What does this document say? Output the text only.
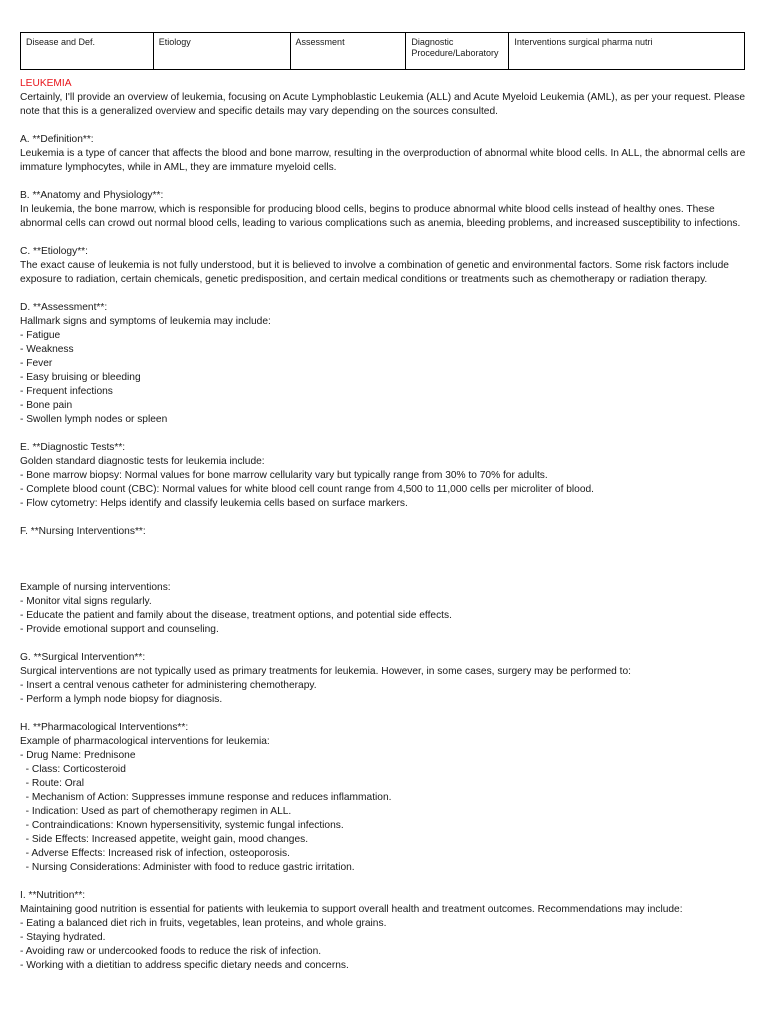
Disease and Def.	Etiology	Assessment	Diagnostic Procedure/Laboratory	Interventions surgical pharma nutri

LEUKEMIA

Certainly, I'll provide an overview of leukemia, focusing on Acute Lymphoblastic Leukemia (ALL) and Acute Myeloid Leukemia (AML), as per your request. Please note that this is a generalized overview and specific details may vary depending on the sources consulted.

A. **Definition**:

Leukemia is a type of cancer that affects the blood and bone marrow, resulting in the overproduction of abnormal white blood cells. In ALL, the abnormal cells are immature lymphocytes, while in AML, they are immature myeloid cells.

B. **Anatomy and Physiology**:

In leukemia, the bone marrow, which is responsible for producing blood cells, begins to produce abnormal white blood cells instead of healthy ones. These abnormal cells can crowd out normal blood cells, leading to various complications such as anemia, bleeding problems, and increased susceptibility to infections.

C. **Etiology**:

The exact cause of leukemia is not fully understood, but it is believed to involve a combination of genetic and environmental factors. Some risk factors include exposure to radiation, certain chemicals, genetic predisposition, and certain medical conditions or treatments such as chemotherapy or radiation therapy.

D. **Assessment**:

Hallmark signs and symptoms of leukemia may include:

- Fatigue

- Weakness

- Fever

- Easy bruising or bleeding

- Frequent infections

- Bone pain

- Swollen lymph nodes or spleen

E. **Diagnostic Tests**:

Golden standard diagnostic tests for leukemia include:

- Bone marrow biopsy: Normal values for bone marrow cellularity vary but typically range from 30% to 70% for adults.

- Complete blood count (CBC): Normal values for white blood cell count range from 4,500 to 11,000 cells per microliter of blood.

- Flow cytometry: Helps identify and classify leukemia cells based on surface markers.

F. **Nursing Interventions**:

Example of nursing interventions:

- Monitor vital signs regularly.

- Educate the patient and family about the disease, treatment options, and potential side effects.

- Provide emotional support and counseling.

G. **Surgical Intervention**:

Surgical interventions are not typically used as primary treatments for leukemia. However, in some cases, surgery may be performed to:

- Insert a central venous catheter for administering chemotherapy.

- Perform a lymph node biopsy for diagnosis.

H. **Pharmacological Interventions**:

Example of pharmacological interventions for leukemia:

- Drug Name: Prednisone

- Class: Corticosteroid

- Route: Oral

- Mechanism of Action: Suppresses immune response and reduces inflammation.

- Indication: Used as part of chemotherapy regimen in ALL.

- Contraindications: Known hypersensitivity, systemic fungal infections.

- Side Effects: Increased appetite, weight gain, mood changes.

- Adverse Effects: Increased risk of infection, osteoporosis.

- Nursing Considerations: Administer with food to reduce gastric irritation.

I. **Nutrition**:

Maintaining good nutrition is essential for patients with leukemia to support overall health and treatment outcomes. Recommendations may include:

- Eating a balanced diet rich in fruits, vegetables, lean proteins, and whole grains.

- Staying hydrated.

- Avoiding raw or undercooked foods to reduce the risk of infection.

- Working with a dietitian to address specific dietary needs and concerns.
